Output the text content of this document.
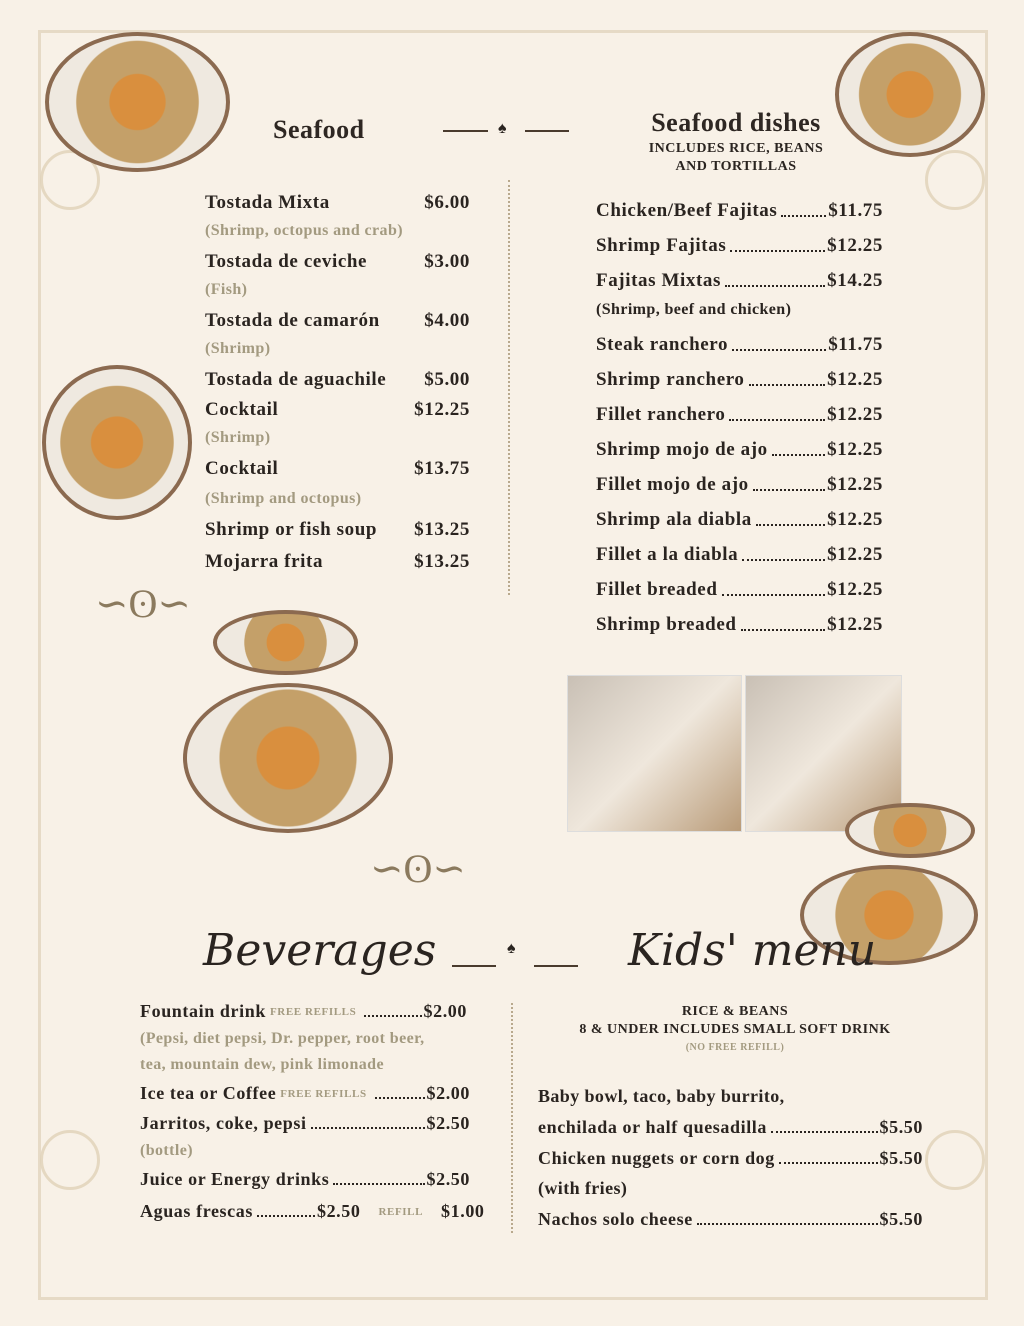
Seafood	♠
Tostada Mixta	$6.00
(Shrimp, octopus and crab)
Tostada de ceviche	$3.00
(Fish)
Tostada de camarón $4.00
(Shrimp)
Tostada de aguachile $5.00
Cocktail	$12.25
(Shrimp)
Cocktail	$13.75
(Shrimp and octopus)
Shrimp or fish soup $13.25
Mojarra frita	$13.25
Seafood dishes
INCLUDES RICE, BEANS
AND TORTILLAS
Chicken/Beef Fajitas	$11.75
Shrimp Fajitas	$12.25
Fajitas Mixtas	$14.25
(Shrimp, beef and chicken)
Steak ranchero	$11.75
Shrimp ranchero	$12.25
Fillet ranchero	$12.25
Shrimp mojo de ajo	$12.25
Fillet mojo de ajo	$12.25
Shrimp ala diabla	$12.25
Fillet a la diabla	$12.25
Fillet breaded	$12.25
Shrimp breaded	$12.25
∽ʘ∽
∽ʘ∽
Beverages	♠	Kids' menu
Fountain drink FREE REFILLS	$2.00
(Pepsi, diet pepsi, Dr. pepper, root beer,
tea, mountain dew, pink limonade
Ice tea or Coffee FREE REFILLS	$2.00
Jarritos, coke, pepsi	$2.50
(bottle)
Juice or Energy drinks	$2.50
Aguas frescas	$2.50 REFILL $1.00
RICE & BEANS
8 & UNDER INCLUDES SMALL SOFT DRINK
(NO FREE REFILL)
Baby bowl, taco, baby burrito,
enchilada or half quesadilla	$5.50
Chicken nuggets or corn dog	$5.50
(with fries)
Nachos solo cheese	$5.50
